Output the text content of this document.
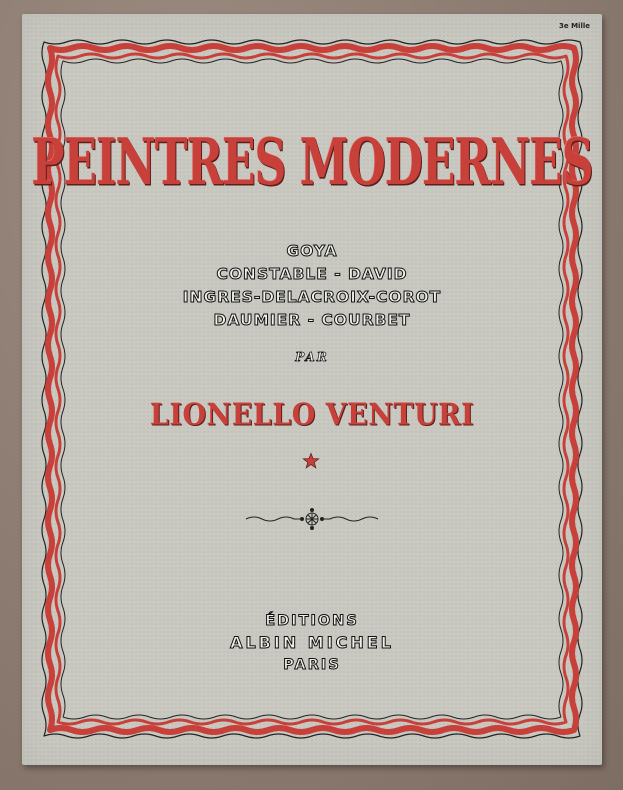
3e Mille
PEINTRES MODERNES
GOYA
CONSTABLE - DAVID
INGRES-DELACROIX-COROT
DAUMIER - COURBET
PAR
LIONELLO VENTURI
ÉDITIONS
ALBIN MICHEL
PARIS
